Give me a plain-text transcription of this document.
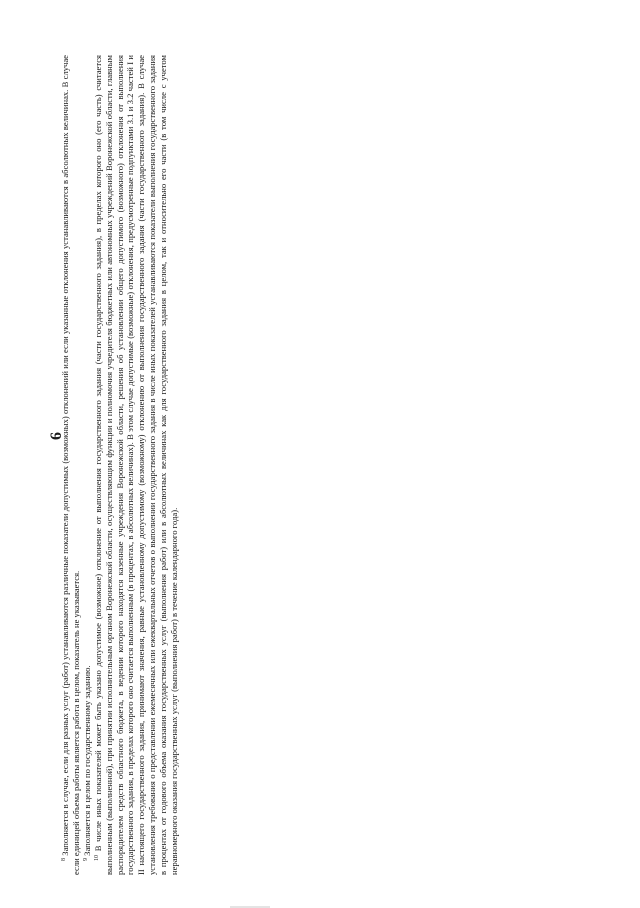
6

$^8$ Заполняется в случае, если для разных услуг (работ) устанавливаются различные показатели допустимых (возможных) отклонений или если указанные отклонения устанавливаются в абсолютных величинах. В случае если единицей объема работы является работа в целом, показатель не указывается. $^9$ Заполняется в целом по государственному заданию.

$^{10}$ В числе иных показателей может быть указано допустимое (возможное) отклонение от выполнения государственного задания (части государственного задания), в пределах которого оно (его часть) считается выполненным (выполненной), при принятии исполнительным органом Воронежской области, осуществляющим функции и полномочия учредителя бюджетных или автономных учреждений Воронежской области, главным распорядителем средств областного бюджета, в ведении которого находятся казенные учреждения Воронежской области, решения об установлении общего допустимого (возможного) отклонения от выполнения государственного задания, в пределах которого оно считается выполненным (в процентах, в абсолютных величинах). В этом случае допустимые (возможные) отклонения, предусмотренные подпунктами 3.1 и 3.2 частей I и II настоящего государственного задания, принимают значения, равные установленному допустимому (возможному) отклонению от выполнения государственного задания (части государственного задания). В случае установления требования о представлении ежемесячных или ежеквартальных отчетов о выполнении государственного задания в числе иных показателей устанавливаются показатели выполнения государственного задания в процентах от годового объема оказания государственных услуг (выполнения работ) или в абсолютных величинах как для государственного задания в целом, так и относительно его части (в том числе с учетом неравномерного оказания государственных услуг (выполнения работ) в течение календарного года).
